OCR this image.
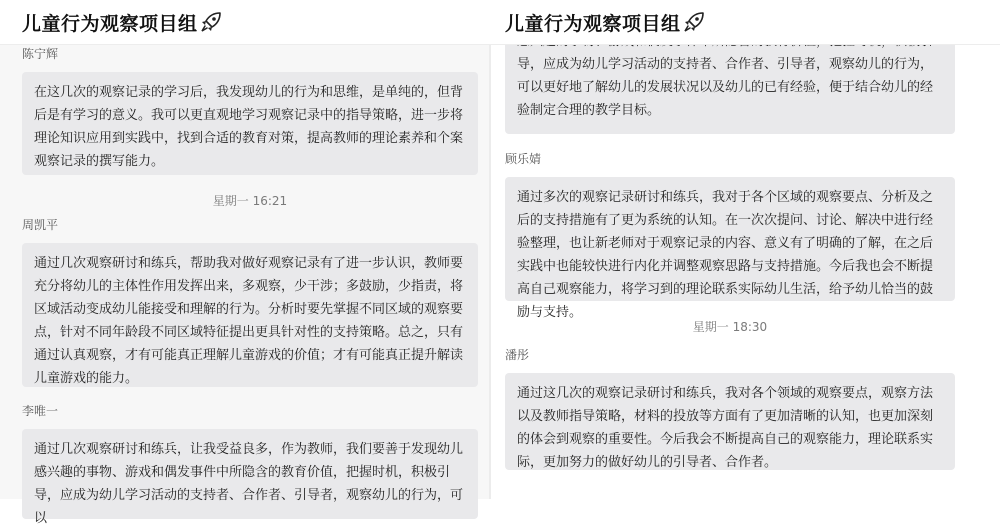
儿童行为观察项目组
陈宁辉
在这几次的观察记录的学习后，我发现幼儿的行为和思维，是单纯的，但背后是有学习的意义。我可以更直观地学习观察记录中的指导策略，进一步将理论知识应用到实践中，找到合适的教育对策，提高教师的理论素养和个案观察记录的撰写能力。
星期一 16:21
周凯平
通过几次观察研讨和练兵，帮助我对做好观察记录有了进一步认识，教师要充分将幼儿的主体性作用发挥出来，多观察，少干涉；多鼓励，少指责，将区域活动变成幼儿能接受和理解的行为。分析时要先掌握不同区域的观察要点，针对不同年龄段不同区域特征提出更具针对性的支持策略。总之，只有通过认真观察，才有可能真正理解儿童游戏的价值；才有可能真正提升解读儿童游戏的能力。
李唯一
通过几次观察研讨和练兵，让我受益良多，作为教师，我们要善于发现幼儿感兴趣的事物、游戏和偶发事件中所隐含的教育价值，把握时机，积极引导，应成为幼儿学习活动的支持者、合作者、引导者，观察幼儿的行为，可以
儿童行为观察项目组
导，应成为幼儿学习活动的支持者、合作者、引导者，观察幼儿的行为，可以更好地了解幼儿的发展状况以及幼儿的已有经验，便于结合幼儿的经验制定合理的教学目标。
顾乐婧
通过多次的观察记录研讨和练兵，我对于各个区域的观察要点、分析及之后的支持措施有了更为系统的认知。在一次次提问、讨论、解决中进行经验整理，也让新老师对于观察记录的内容、意义有了明确的了解，在之后实践中也能较快进行内化并调整观察思路与支持措施。今后我也会不断提高自己观察能力，将学习到的理论联系实际幼儿生活，给予幼儿恰当的鼓励与支持。
星期一 18:30
潘彤
通过这几次的观察记录研讨和练兵，我对各个领域的观察要点，观察方法以及教师指导策略，材料的投放等方面有了更加清晰的认知，也更加深刻的体会到观察的重要性。今后我会不断提高自己的观察能力，理论联系实际，更加努力的做好幼儿的引导者、合作者。
